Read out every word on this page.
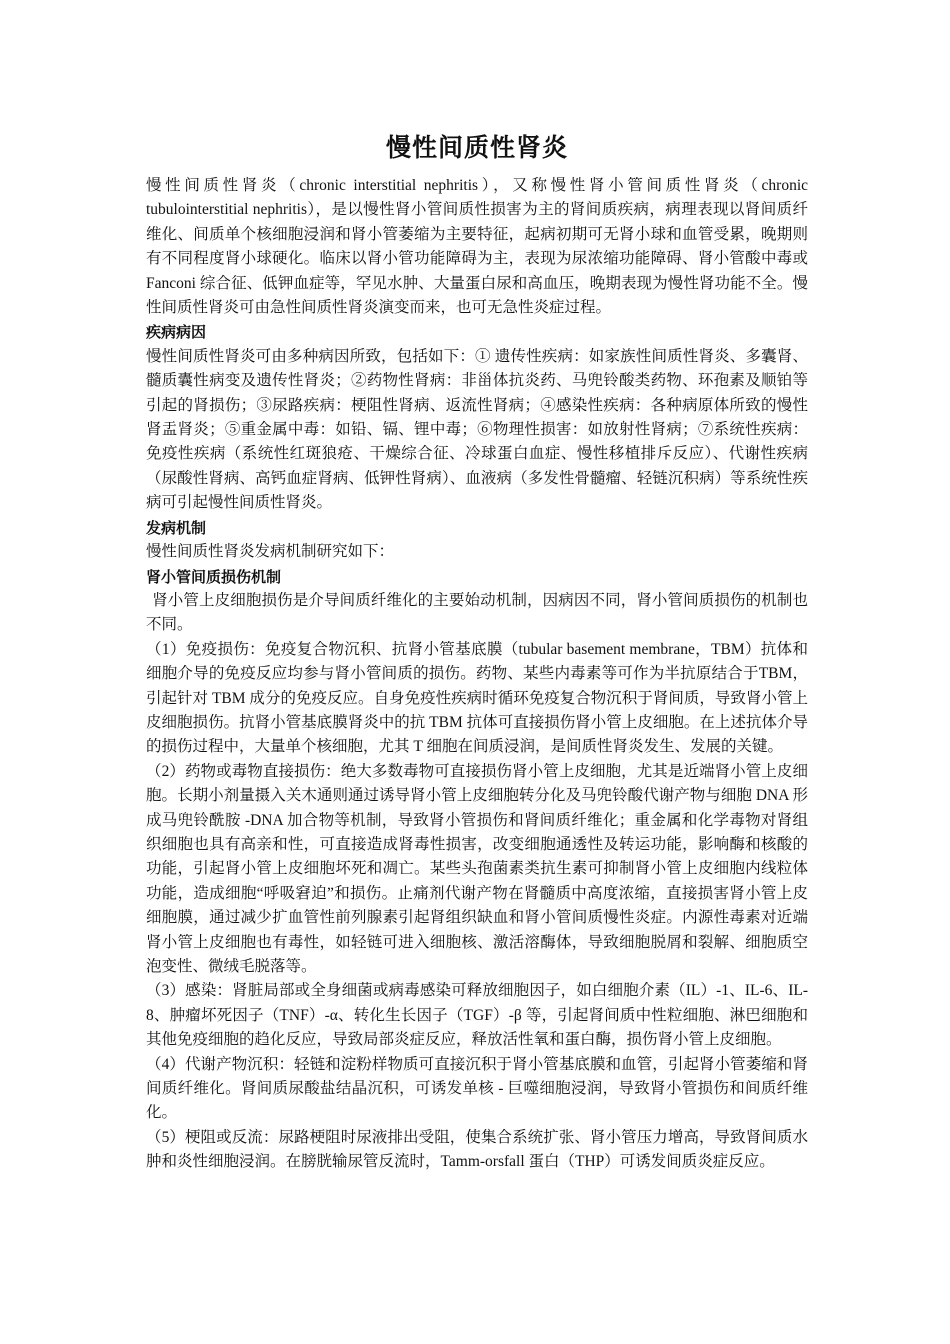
慢性间质性肾炎

慢性间质性肾炎（chronic interstitial nephritis），又称慢性肾小管间质性肾炎（chronic tubulointerstitial nephritis），是以慢性肾小管间质性损害为主的肾间质疾病，病理表现以肾间质纤维化、间质单个核细胞浸润和肾小管萎缩为主要特征，起病初期可无肾小球和血管受累，晚期则有不同程度肾小球硬化。临床以肾小管功能障碍为主，表现为尿浓缩功能障碍、肾小管酸中毒或 Fanconi 综合征、低钾血症等，罕见水肿、大量蛋白尿和高血压，晚期表现为慢性肾功能不全。慢性间质性肾炎可由急性间质性肾炎演变而来，也可无急性炎症过程。

疾病病因

慢性间质性肾炎可由多种病因所致，包括如下：① 遗传性疾病：如家族性间质性肾炎、多囊肾、髓质囊性病变及遗传性肾炎；②药物性肾病：非甾体抗炎药、马兜铃酸类药物、环孢素及顺铂等引起的肾损伤；③尿路疾病：梗阻性肾病、返流性肾病；④感染性疾病：各种病原体所致的慢性肾盂肾炎；⑤重金属中毒：如铅、镉、锂中毒；⑥物理性损害：如放射性肾病；⑦系统性疾病：免疫性疾病（系统性红斑狼疮、干燥综合征、冷球蛋白血症、慢性移植排斥反应）、代谢性疾病（尿酸性肾病、高钙血症肾病、低钾性肾病）、血液病（多发性骨髓瘤、轻链沉积病）等系统性疾病可引起慢性间质性肾炎。

发病机制

慢性间质性肾炎发病机制研究如下：

肾小管间质损伤机制

肾小管上皮细胞损伤是介导间质纤维化的主要始动机制，因病因不同，肾小管间质损伤的机制也不同。

（1）免疫损伤：免疫复合物沉积、抗肾小管基底膜（tubular basement membrane，TBM）抗体和细胞介导的免疫反应均参与肾小管间质的损伤。药物、某些内毒素等可作为半抗原结合于TBM，引起针对 TBM 成分的免疫反应。自身免疫性疾病时循环免疫复合物沉积于肾间质，导致肾小管上皮细胞损伤。抗肾小管基底膜肾炎中的抗 TBM 抗体可直接损伤肾小管上皮细胞。在上述抗体介导的损伤过程中，大量单个核细胞，尤其 T 细胞在间质浸润，是间质性肾炎发生、发展的关键。

（2）药物或毒物直接损伤：绝大多数毒物可直接损伤肾小管上皮细胞，尤其是近端肾小管上皮细胞。长期小剂量摄入关木通则通过诱导肾小管上皮细胞转分化及马兜铃酸代谢产物与细胞 DNA 形成马兜铃酰胺 -DNA 加合物等机制，导致肾小管损伤和肾间质纤维化；重金属和化学毒物对肾组织细胞也具有高亲和性，可直接造成肾毒性损害，改变细胞通透性及转运功能，影响酶和核酸的功能，引起肾小管上皮细胞坏死和凋亡。某些头孢菌素类抗生素可抑制肾小管上皮细胞内线粒体功能，造成细胞“呼吸窘迫”和损伤。止痛剂代谢产物在肾髓质中高度浓缩，直接损害肾小管上皮细胞膜，通过减少扩血管性前列腺素引起肾组织缺血和肾小管间质慢性炎症。内源性毒素对近端肾小管上皮细胞也有毒性，如轻链可进入细胞核、激活溶酶体，导致细胞脱屑和裂解、细胞质空泡变性、微绒毛脱落等。

（3）感染：肾脏局部或全身细菌或病毒感染可释放细胞因子，如白细胞介素（IL）-1、IL-6、IL-8、肿瘤坏死因子（TNF）-α、转化生长因子（TGF）-β 等，引起肾间质中性粒细胞、淋巴细胞和其他免疫细胞的趋化反应，导致局部炎症反应，释放活性氧和蛋白酶，损伤肾小管上皮细胞。

（4）代谢产物沉积：轻链和淀粉样物质可直接沉积于肾小管基底膜和血管，引起肾小管萎缩和肾间质纤维化。肾间质尿酸盐结晶沉积，可诱发单核 - 巨噬细胞浸润，导致肾小管损伤和间质纤维化。

（5）梗阻或反流：尿路梗阻时尿液排出受阻，使集合系统扩张、肾小管压力增高，导致肾间质水肿和炎性细胞浸润。在膀胱输尿管反流时，Tamm-orsfall 蛋白（THP）可诱发间质炎症反应。
